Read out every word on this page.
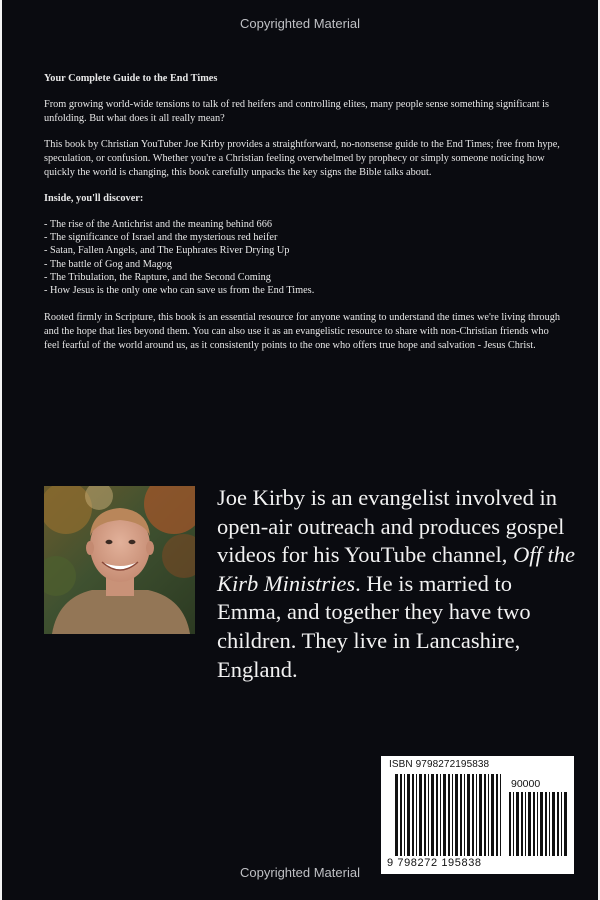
Copyrighted Material
Your Complete Guide to the End Times

From growing world-wide tensions to talk of red heifers and controlling elites, many people sense something significant is unfolding. But what does it all really mean?

This book by Christian YouTuber Joe Kirby provides a straightforward, no-nonsense guide to the End Times; free from hype, speculation, or confusion. Whether you're a Christian feeling overwhelmed by prophecy or simply someone noticing how quickly the world is changing, this book carefully unpacks the key signs the Bible talks about.

Inside, you'll discover:
- The rise of the Antichrist and the meaning behind 666
- The significance of Israel and the mysterious red heifer
- Satan, Fallen Angels, and The Euphrates River Drying Up
- The battle of Gog and Magog
- The Tribulation, the Rapture, and the Second Coming
- How Jesus is the only one who can save us from the End Times.

Rooted firmly in Scripture, this book is an essential resource for anyone wanting to understand the times we're living through and the hope that lies beyond them. You can also use it as an evangelistic resource to share with non-Christian friends who feel fearful of the world around us, as it consistently points to the one who offers true hope and salvation - Jesus Christ.

Joe Kirby is an evangelist involved in open-air outreach and produces gospel videos for his YouTube channel, Off the Kirb Ministries. He is married to Emma, and together they have two children. They live in Lancashire, England.
ISBN 9798272195838
90000
9 798272 195838
Copyrighted Material
